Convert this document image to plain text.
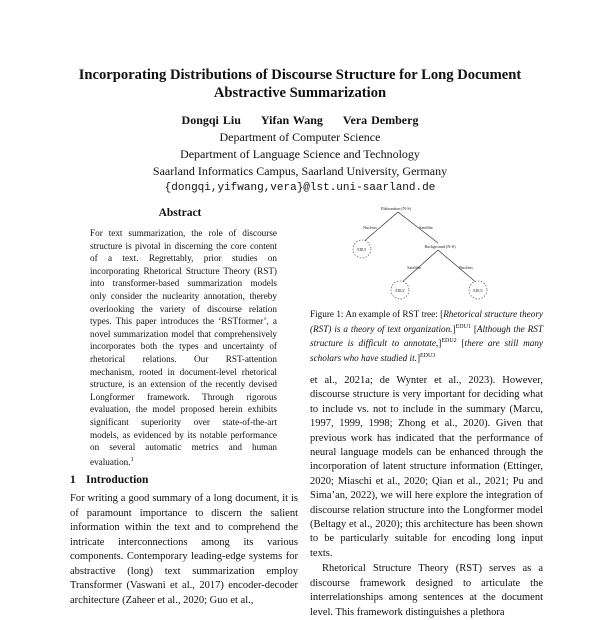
Incorporating Distributions of Discourse Structure for Long Document
Abstractive Summarization
Dongqi Liu Yifan Wang Vera Demberg
Department of Computer Science
Department of Language Science and Technology
Saarland Informatics Campus, Saarland University, Germany
{dongqi,yifwang,vera}@lst.uni-saarland.de
Abstract
For text summarization, the role of discourse structure is pivotal in discerning the core content of a text. Regrettably, prior studies on incorporating Rhetorical Structure Theory (RST) into transformer-based summarization models only consider the nuclearity annotation, thereby overlooking the variety of discourse relation types. This paper introduces the ‘RSTformer’, a novel summarization model that comprehensively incorporates both the types and uncertainty of rhetorical relations. Our RST-attention mechanism, rooted in document-level rhetorical structure, is an extension of the recently devised Longformer framework. Through rigorous evaluation, the model proposed herein exhibits significant superiority over state-of-the-art models, as evidenced by its notable performance on several automatic metrics and human evaluation.$^1$
1 Introduction
For writing a good summary of a long document, it is of paramount importance to discern the salient information within the text and to comprehend the intricate interconnections among its various components. Contemporary leading-edge systems for abstractive (long) text summarization employ Transformer (Vaswani et al., 2017) encoder-decoder architecture (Zaheer et al., 2020; Guo et al.,
Elaboration (N-S)
Nucleus	Satellite
Background (N-S)
Satellite	Nucleus
EDU1
EDU2	EDU3
Figure 1: An example of RST tree: [Rhetorical structure theory (RST) is a theory of text organization.]$^{EDU1}$ [Although the RST structure is difficult to annotate,]$^{EDU2}$ [there are still many scholars who have studied it.]$^{EDU3}$

et al., 2021a; de Wynter et al., 2023). However, discourse structure is very important for deciding what to include vs. not to include in the summary (Marcu, 1997, 1999, 1998; Zhong et al., 2020). Given that previous work has indicated that the performance of neural language models can be enhanced through the incorporation of latent structure information (Ettinger, 2020; Miaschi et al., 2020; Qian et al., 2021; Pu and Sima’an, 2022), we will here explore the integration of discourse relation structure into the Longformer model (Beltagy et al., 2020); this architecture has been shown to be particularly suitable for encoding long input texts.

Rhetorical Structure Theory (RST) serves as a discourse framework designed to articulate the interrelationships among sentences at the document level. This framework distinguishes a plethora
